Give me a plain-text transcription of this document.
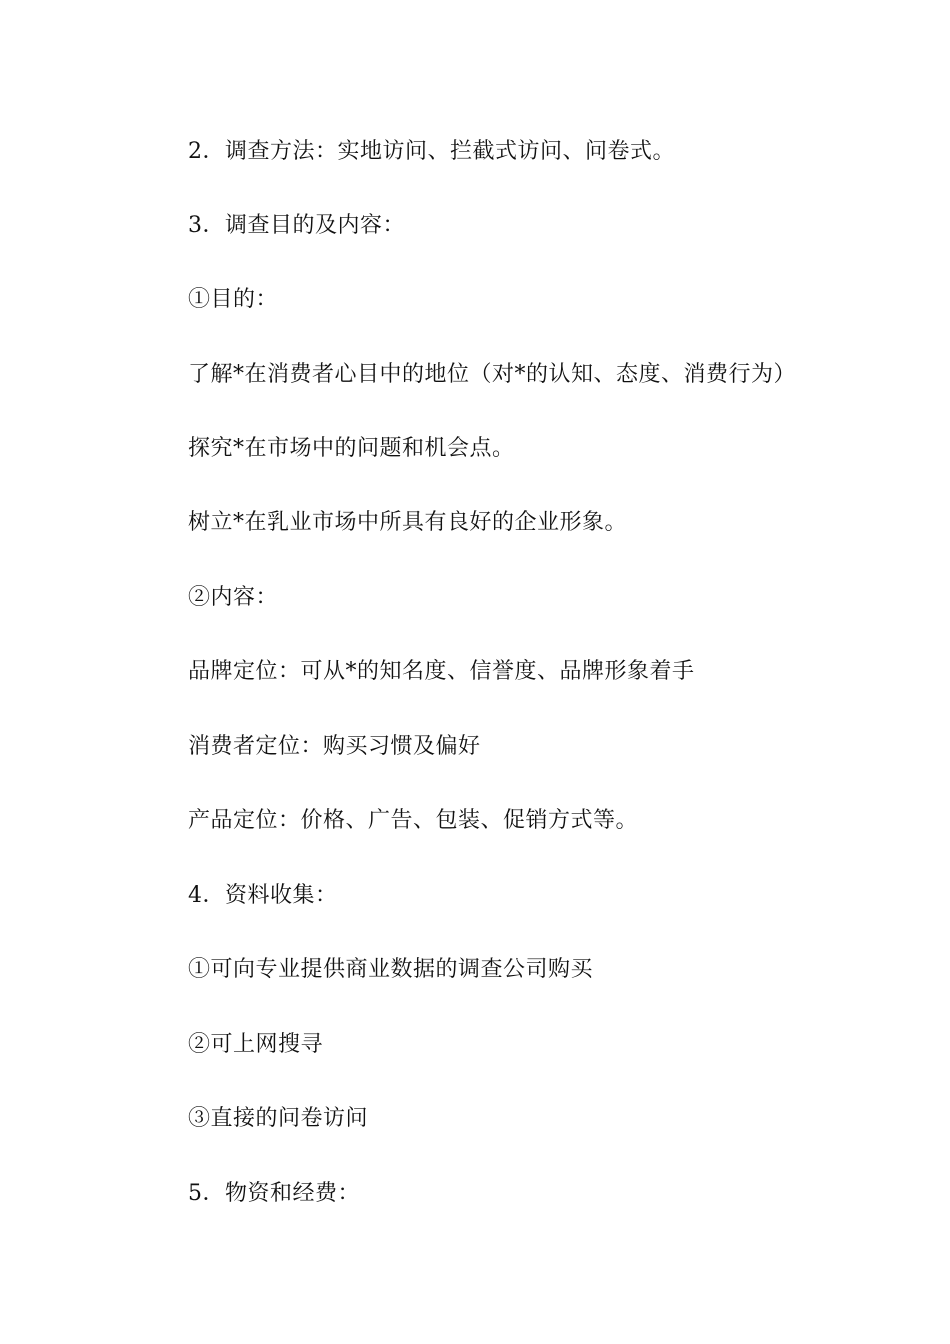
2．调查方法：实地访问、拦截式访问、问卷式。

3．调查目的及内容：

①目的：

了解*在消费者心目中的地位（对*的认知、态度、消费行为）

探究*在市场中的问题和机会点。

树立*在乳业市场中所具有良好的企业形象。

②内容：

品牌定位：可从*的知名度、信誉度、品牌形象着手

消费者定位：购买习惯及偏好

产品定位：价格、广告、包装、促销方式等。

4．资料收集：

①可向专业提供商业数据的调查公司购买

②可上网搜寻

③直接的问卷访问

5．物资和经费：
